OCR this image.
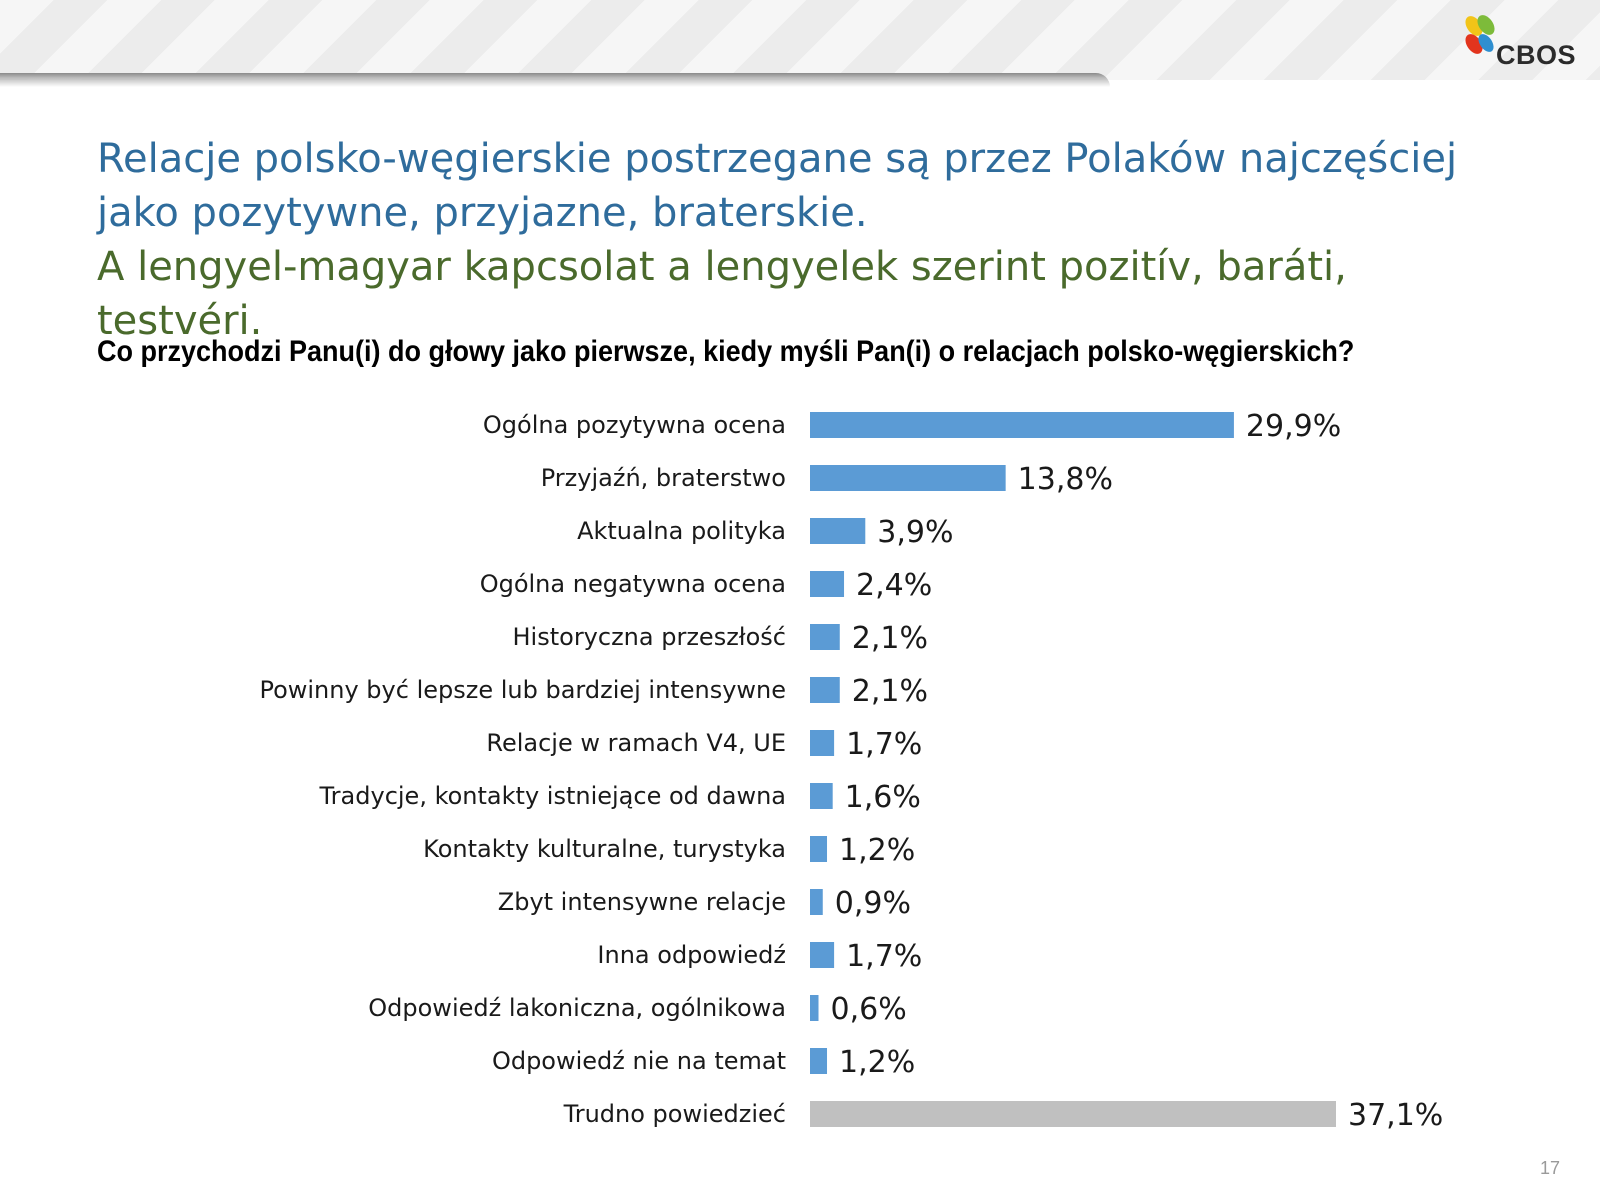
CBOS
Relacje polsko-węgierskie postrzegane są przez Polaków najczęściej jako pozytywne, przyjazne, braterskie.
A lengyel-magyar kapcsolat a lengyelek szerint pozitív, baráti, testvéri.
Co przychodzi Panu(i) do głowy jako pierwsze, kiedy myśli Pan(i) o relacjach polsko-węgierskich?
Ogólna pozytywna ocena	29,9%
Przyjaźń, braterstwo	13,8%
Aktualna polityka	3,9%
Ogólna negatywna ocena 2,4%
Historyczna przeszłość 2,1%
Powinny być lepsze lub bardziej intensywne 2,1%
Relacje w ramach V4, UE 1,7%
Tradycje, kontakty istniejące od dawna 1,6%
Kontakty kulturalne, turystyka 1,2%
Zbyt intensywne relacje 0,9%
Inna odpowiedź 1,7%
Odpowiedź lakoniczna, ogólnikowa 0,6%
Odpowiedź nie na temat 1,2%
Trudno powiedzieć	37,1%
17
